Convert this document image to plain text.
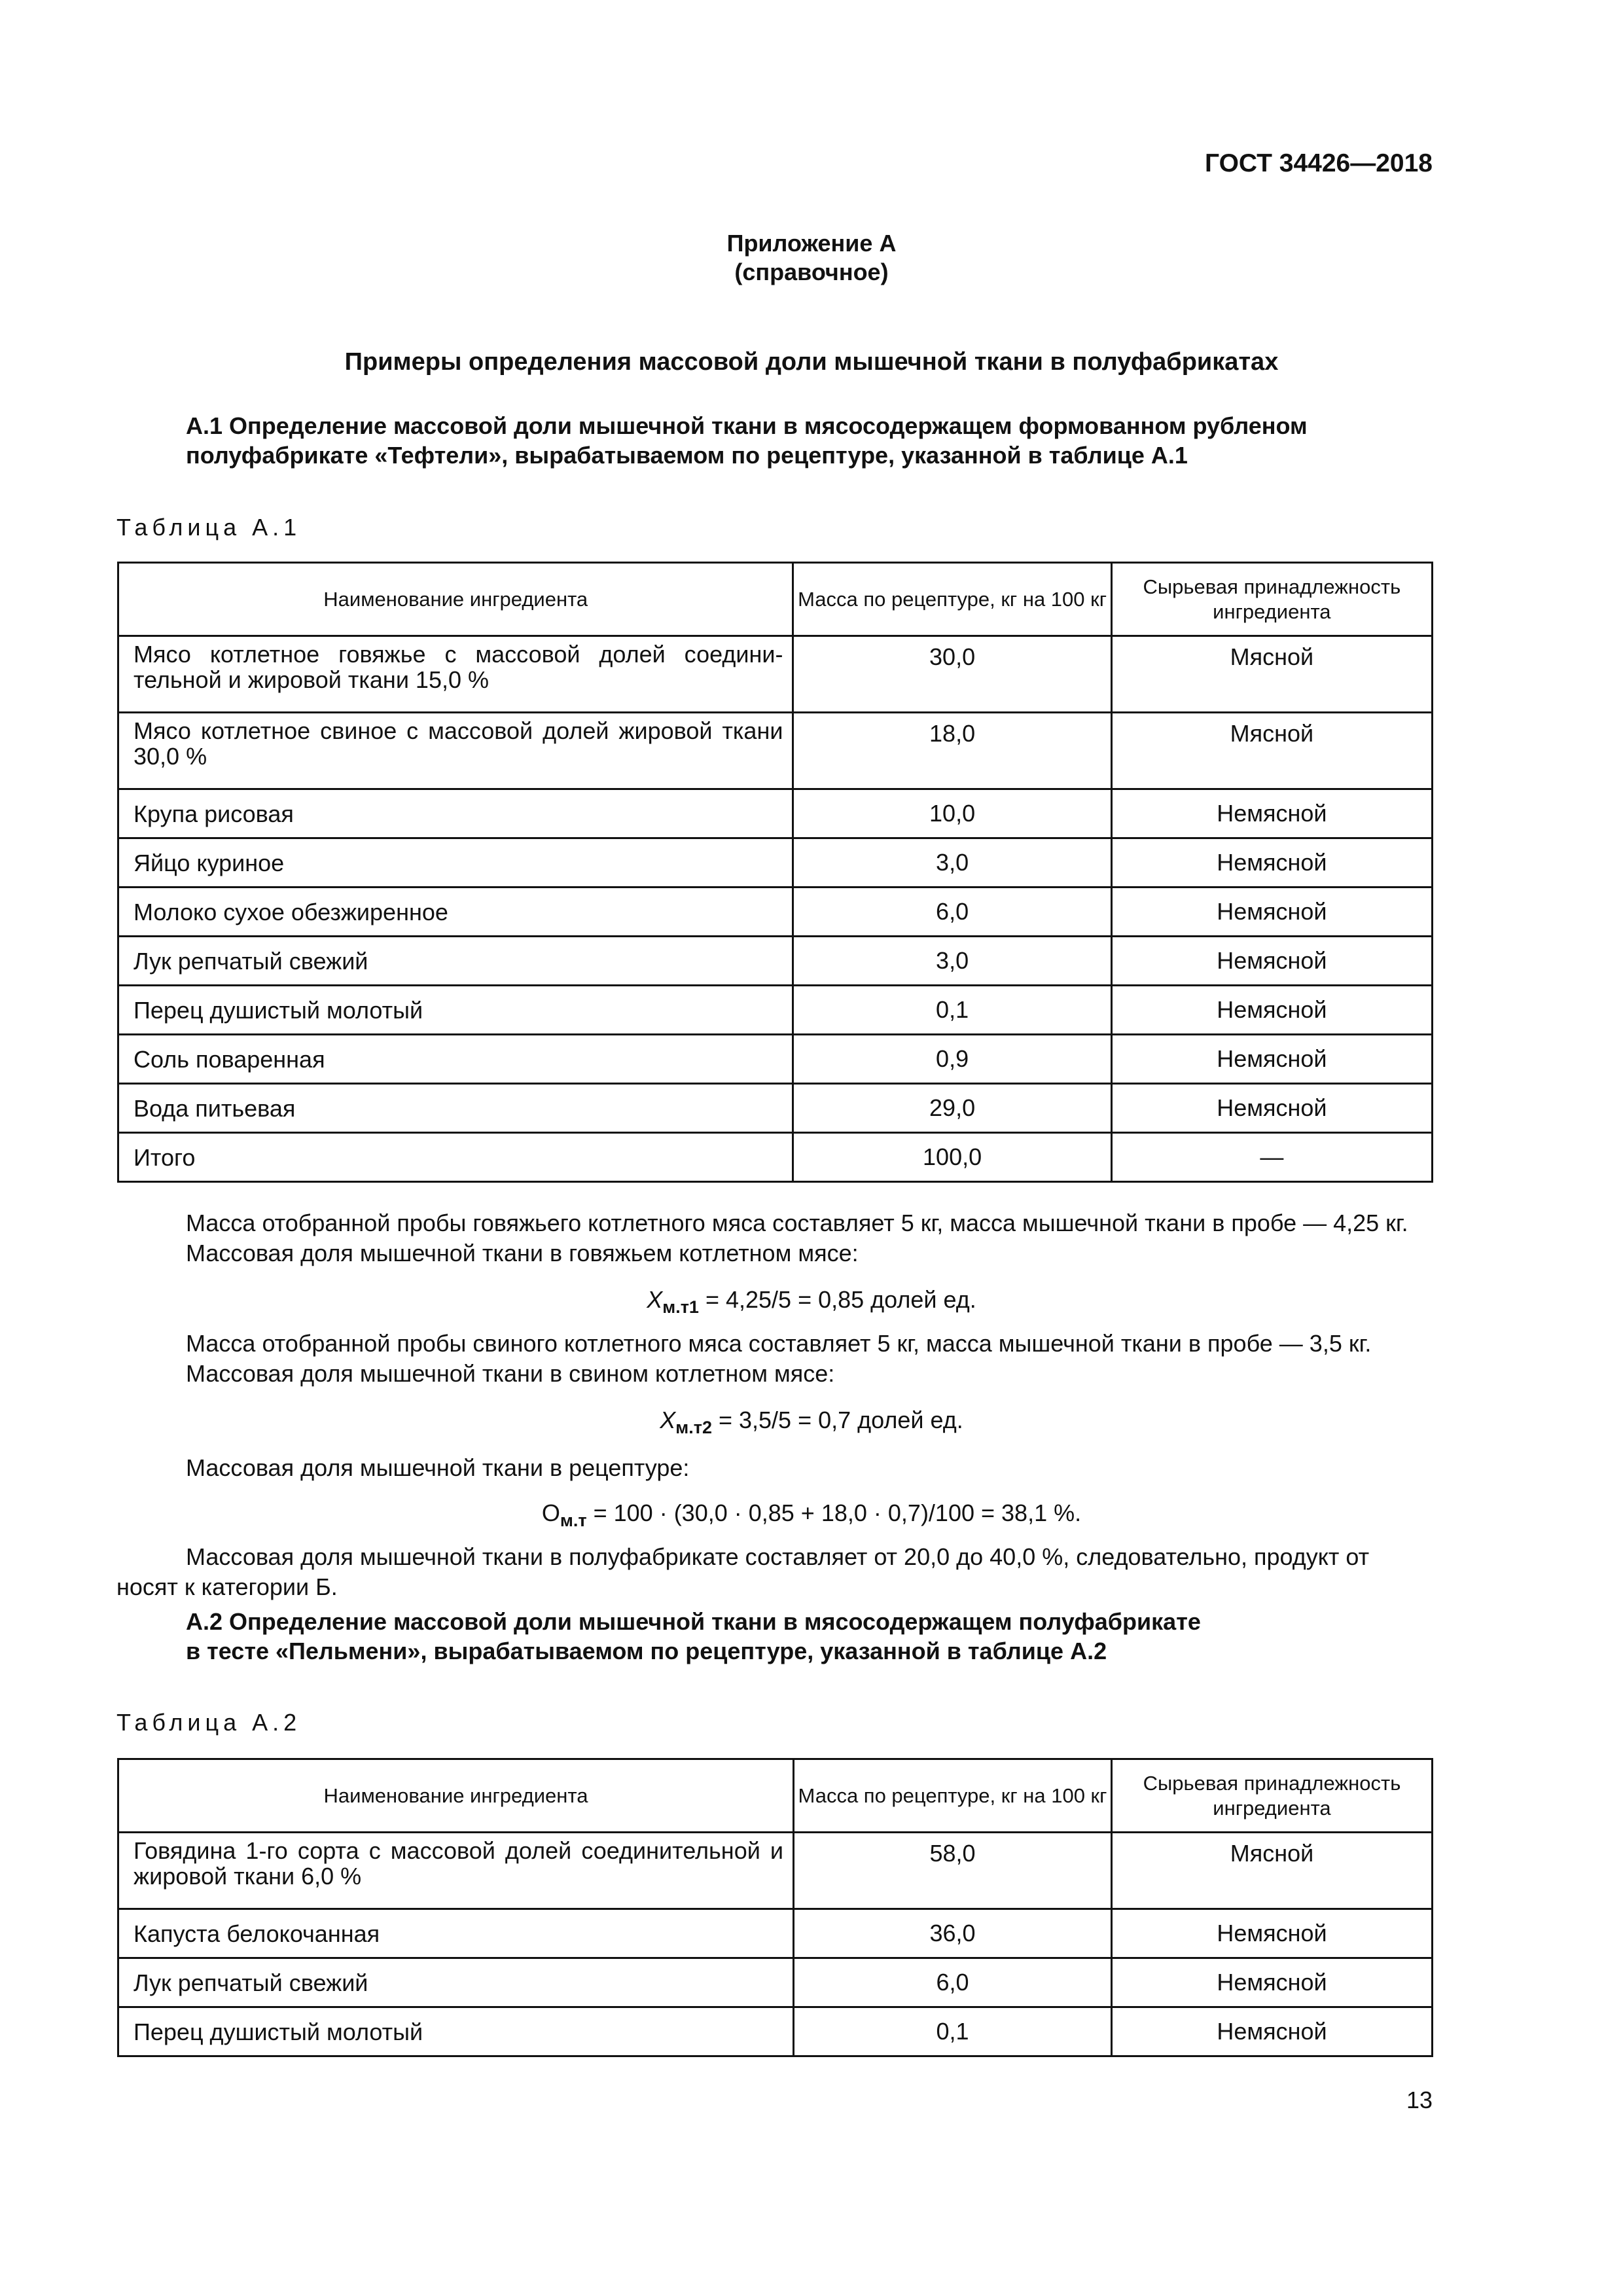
ГОСТ 34426—2018
Приложение А
(справочное)
Примеры определения массовой доли мышечной ткани в полуфабрикатах
А.1 Определение массовой доли мышечной ткани в мясосодержащем формованном рубленом
полуфабрикате «Тефтели», вырабатываемом по рецептуре, указанной в таблице А.1
Таблица А.1
Наименование ингредиента	Масса по рецептуре, кг на 100 кг	Сырьевая принадлежность ингредиента
Мясо котлетное говяжье с массовой долей соединительной и жировой ткани 15,0 %	30,0	Мясной
Мясо котлетное свиное с массовой долей жировой ткани 30,0 %	18,0	Мясной
Крупа рисовая	10,0	Немясной
Яйцо куриное	3,0	Немясной
Молоко сухое обезжиренное	6,0	Немясной
Лук репчатый свежий	3,0	Немясной
Перец душистый молотый	0,1	Немясной
Соль поваренная	0,9	Немясной
Вода питьевая	29,0	Немясной
Итого	100,0	—
Масса отобранной пробы говяжьего котлетного мяса составляет 5 кг, масса мышечной ткани в пробе — 4,25 кг.
Массовая доля мышечной ткани в говяжьем котлетном мясе:
$X_{м.т1} = 4,25/5 = 0,85$ долей ед.
Масса отобранной пробы свиного котлетного мяса составляет 5 кг, масса мышечной ткани в пробе — 3,5 кг.
Массовая доля мышечной ткани в свином котлетном мясе:
$X_{м.т2} = 3,5/5 = 0,7$ долей ед.
Массовая доля мышечной ткани в рецептуре:
$O_{м.т} = 100 \cdot (30,0 \cdot 0,85 + 18,0 \cdot 0,7)/100 = 38,1$ %.
Массовая доля мышечной ткани в полуфабрикате составляет от 20,0 до 40,0 %, следовательно, продукт от
носят к категории Б.
А.2 Определение массовой доли мышечной ткани в мясосодержащем полуфабрикате
в тесте «Пельмени», вырабатываемом по рецептуре, указанной в таблице А.2
Таблица А.2
Наименование ингредиента	Масса по рецептуре, кг на 100 кг	Сырьевая принадлежность ингредиента
Говядина 1-го сорта с массовой долей соединительной и жировой ткани 6,0 %	58,0	Мясной
Капуста белокочанная	36,0	Немясной
Лук репчатый свежий	6,0	Немясной
Перец душистый молотый	0,1	Немясной
13
